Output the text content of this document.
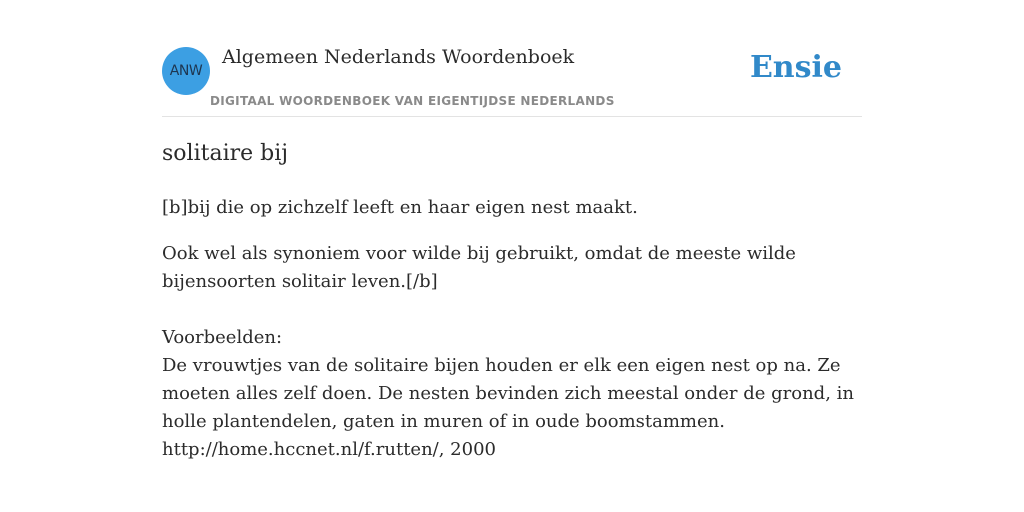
ANW
Algemeen Nederlands Woordenboek
DIGITAAL WOORDENBOEK VAN EIGENTIJDSE NEDERLANDS
Ensie
solitaire bij

[b]bij die op zichzelf leeft en haar eigen nest maakt.

Ook wel als synoniem voor wilde bij gebruikt, omdat de meeste wilde bijensoorten solitair leven.[/b]

Voorbeelden:
De vrouwtjes van de solitaire bijen houden er elk een eigen nest op na. Ze moeten alles zelf doen. De nesten bevinden zich meestal onder de grond, in holle plantendelen, gaten in muren of in oude boomstammen.
http://home.hccnet.nl/f.rutten/, 2000
